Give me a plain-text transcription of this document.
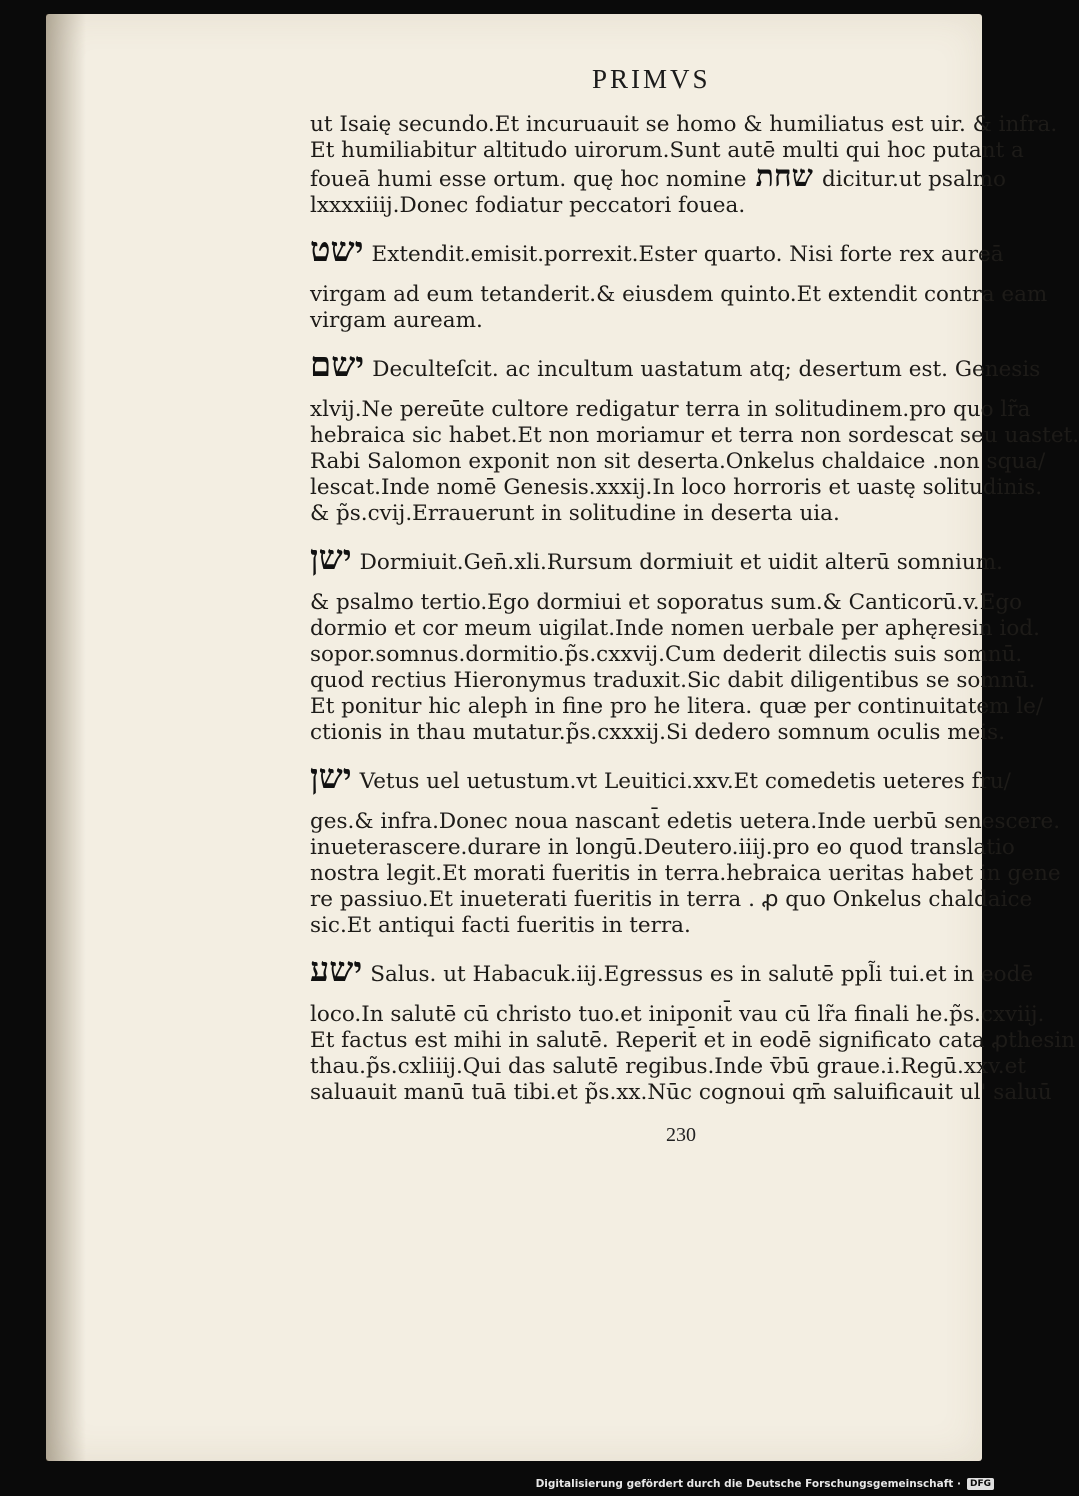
PRIMVS
ut Isaię secundo.Et incuruauit se homo & humiliatus est uir. & infra.
Et humiliabitur altitudo uirorum.Sunt autē multi qui hoc putant a
foueā humi esse ortum. quę hoc nomine שחת dicitur.ut psalmo
lxxxxiiij.Donec fodiatur peccatori fouea.
ישט Extendit.emisit.porrexit.Ester quarto. Nisi forte rex aureā
virgam ad eum tetanderit.& eiusdem quinto.Et extendit contra eam
virgam auream.
ישם Deculteſcit. ac incultum uastatum atq; desertum est. Genesis
xlvij.Ne pereūte cultore redigatur terra in solitudinem.pro quo lr̃a
hebraica sic habet.Et non moriamur et terra non sordescat seu uastet.
Rabi Salomon exponit non sit deserta.Onkelus chaldaice .non squa/
lescat.Inde nomē Genesis.xxxij.In loco horroris et uastę solitudinis.
& p̃s.cvij.Errauerunt in solitudine in deserta uia.
ישן Dormiuit.Gen̄.xli.Rursum dormiuit et uidit alterū somnium.
& psalmo tertio.Ego dormiui et soporatus sum.& Canticorū.v.Ego
dormio et cor meum uigilat.Inde nomen uerbale per aphęresin iod.
sopor.somnus.dormitio.p̃s.cxxvij.Cum dederit dilectis suis somnū.
quod rectius Hieronymus traduxit.Sic dabit diligentibus se somnū.
Et ponitur hic aleph in fine pro he litera. quæ per continuitatem le/
ctionis in thau mutatur.p̃s.cxxxij.Si dedero somnum oculis meis.
ישן Vetus uel uetustum.vt Leuitici.xxv.Et comedetis ueteres fru/
ges.& infra.Donec noua nascant̄ edetis uetera.Inde uerbū senescere.
inueterascere.durare in longū.Deutero.iiij.pro eo quod translatio
nostra legit.Et morati fueritis in terra.hebraica ueritas habet in gene
re passiuo.Et inueterati fueritis in terra . ꝓ quo Onkelus chaldaice
sic.Et antiqui facti fueritis in terra.
ישע Salus. ut Habacuk.iij.Egressus es in salutē ppl̃i tui.et in eodē
loco.In salutē cū christo tuo.et iniponit̄ vau cū lr̃a finali he.p̃s.cxviij.
Et factus est mihi in salutē. Reperit̄ et in eodē significato cata ꝓthesin
thau.p̃s.cxliiij.Qui das salutē regibus.Inde v̄bū graue.i.Regū.xxv.et
saluauit manū tuā tibi.et p̃s.xx.Nūc cognoui qm̄ saluificauit ul' saluū
230
Digitalisierung gefördert durch die Deutsche Forschungsgemeinschaft ·	DFG
